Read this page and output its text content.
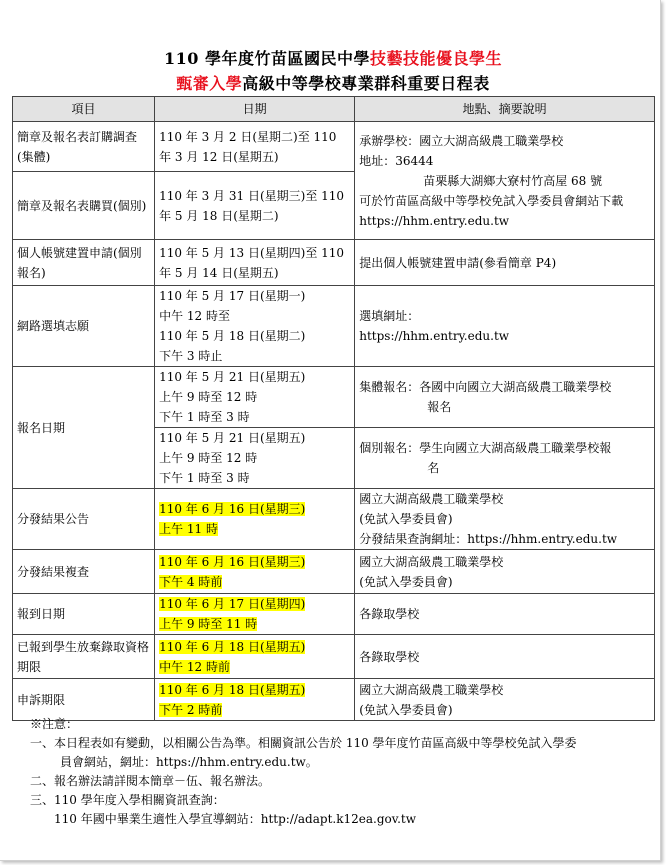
110 學年度竹苗區國民中學技藝技能優良學生
甄審入學高級中等學校專業群科重要日程表
項目	日期	地點、摘要說明
簡章及報名表訂購調查(集體)	110 年 3 月 2 日(星期二)至 110 年 3 月 12 日(星期五)	承辦學校：國立大湖高級農工職業學校
地址：36444
苗栗縣大湖鄉大寮村竹高屋 68 號
可於竹苗區高級中等學校免試入學委員會網站下載
https://hhm.entry.edu.tw

簡章及報名表購買(個別)	110 年 3 月 31 日(星期三)至 110 年 5 月 18 日(星期二)	
個人帳號建置申請(個別報名)	110 年 5 月 13 日(星期四)至 110 年 5 月 14 日(星期五)	提出個人帳號建置申請(參看簡章 P4)
網路選填志願	110 年 5 月 17 日(星期一)
中午 12 時至
110 年 5 月 18 日(星期二)
下午 3 時止	選填網址：
https://hhm.entry.edu.tw

報名日期	110 年 5 月 21 日(星期五)
上午 9 時至 12 時
下午 1 時至 3 時	集體報名：各國中向國立大湖高級農工職業學校
報名

	110 年 5 月 21 日(星期五)
上午 9 時至 12 時
下午 1 時至 3 時	個別報名：學生向國立大湖高級農工職業學校報
名

分發結果公告	110 年 6 月 16 日(星期三)
上午 11 時	國立大湖高級農工職業學校
(免試入學委員會)
分發結果查詢網址：https://hhm.entry.edu.tw

分發結果複查	110 年 6 月 16 日(星期三)
下午 4 時前	國立大湖高級農工職業學校
(免試入學委員會)

報到日期	110 年 6 月 17 日(星期四)
上午 9 時至 11 時	各錄取學校
已報到學生放棄錄取資格期限	110 年 6 月 18 日(星期五)
中午 12 時前	各錄取學校
申訴期限	110 年 6 月 18 日(星期五)
下午 2 時前	國立大湖高級農工職業學校
(免試入學委員會)
※注意：
一、本日程表如有變動，以相關公告為準。相關資訊公告於 110 學年度竹苗區高級中等學校免試入學委
員會網站，網址：https://hhm.entry.edu.tw。
二、報名辦法請詳閱本簡章－伍、報名辦法。
三、110 學年度入學相關資訊查詢：
110 年國中畢業生適性入學宣導網站：http://adapt.k12ea.gov.tw
